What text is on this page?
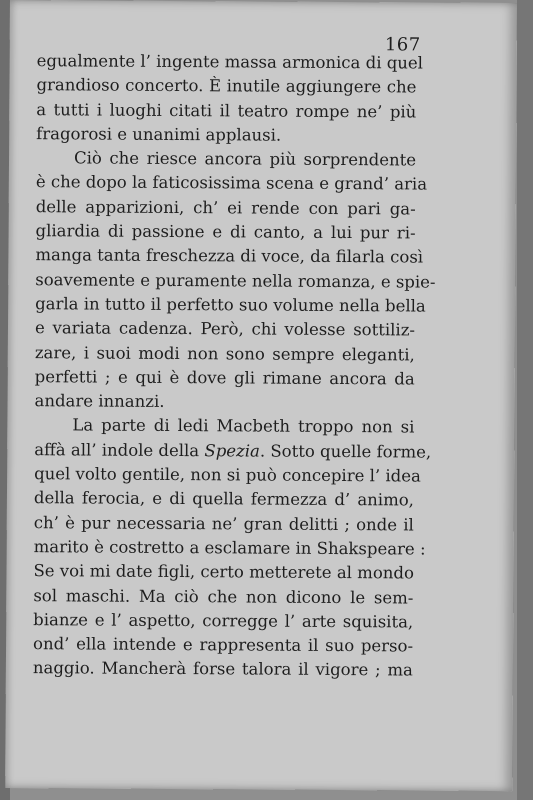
167

egualmente l’ ingente massa armonica di quel
grandioso concerto. È inutile aggiungere che
a tutti i luoghi citati il teatro rompe ne’ più
fragorosi e unanimi applausi.

Ciò che riesce ancora più sorprendente
è che dopo la faticosissima scena e grand’ aria
delle apparizioni, ch’ ei rende con pari ga-
gliardia di passione e di canto, a lui pur ri-
manga tanta freschezza di voce, da filarla così
soavemente e puramente nella romanza, e spie-
garla in tutto il perfetto suo volume nella bella
e variata cadenza. Però, chi volesse sottiliz-
zare, i suoi modi non sono sempre eleganti,
perfetti ; e qui è dove gli rimane ancora da
andare innanzi.

La parte di ledi Macbeth troppo non si
affà all’ indole della Spezia. Sotto quelle forme,
quel volto gentile, non si può concepire l’ idea
della ferocia, e di quella fermezza d’ animo,
ch’ è pur necessaria ne’ gran delitti ; onde il
marito è costretto a esclamare in Shakspeare :
Se voi mi date figli, certo metterete al mondo
sol maschi. Ma ciò che non dicono le sem-
bianze e l’ aspetto, corregge l’ arte squisita,
ond’ ella intende e rappresenta il suo perso-
naggio. Mancherà forse talora il vigore ; ma
